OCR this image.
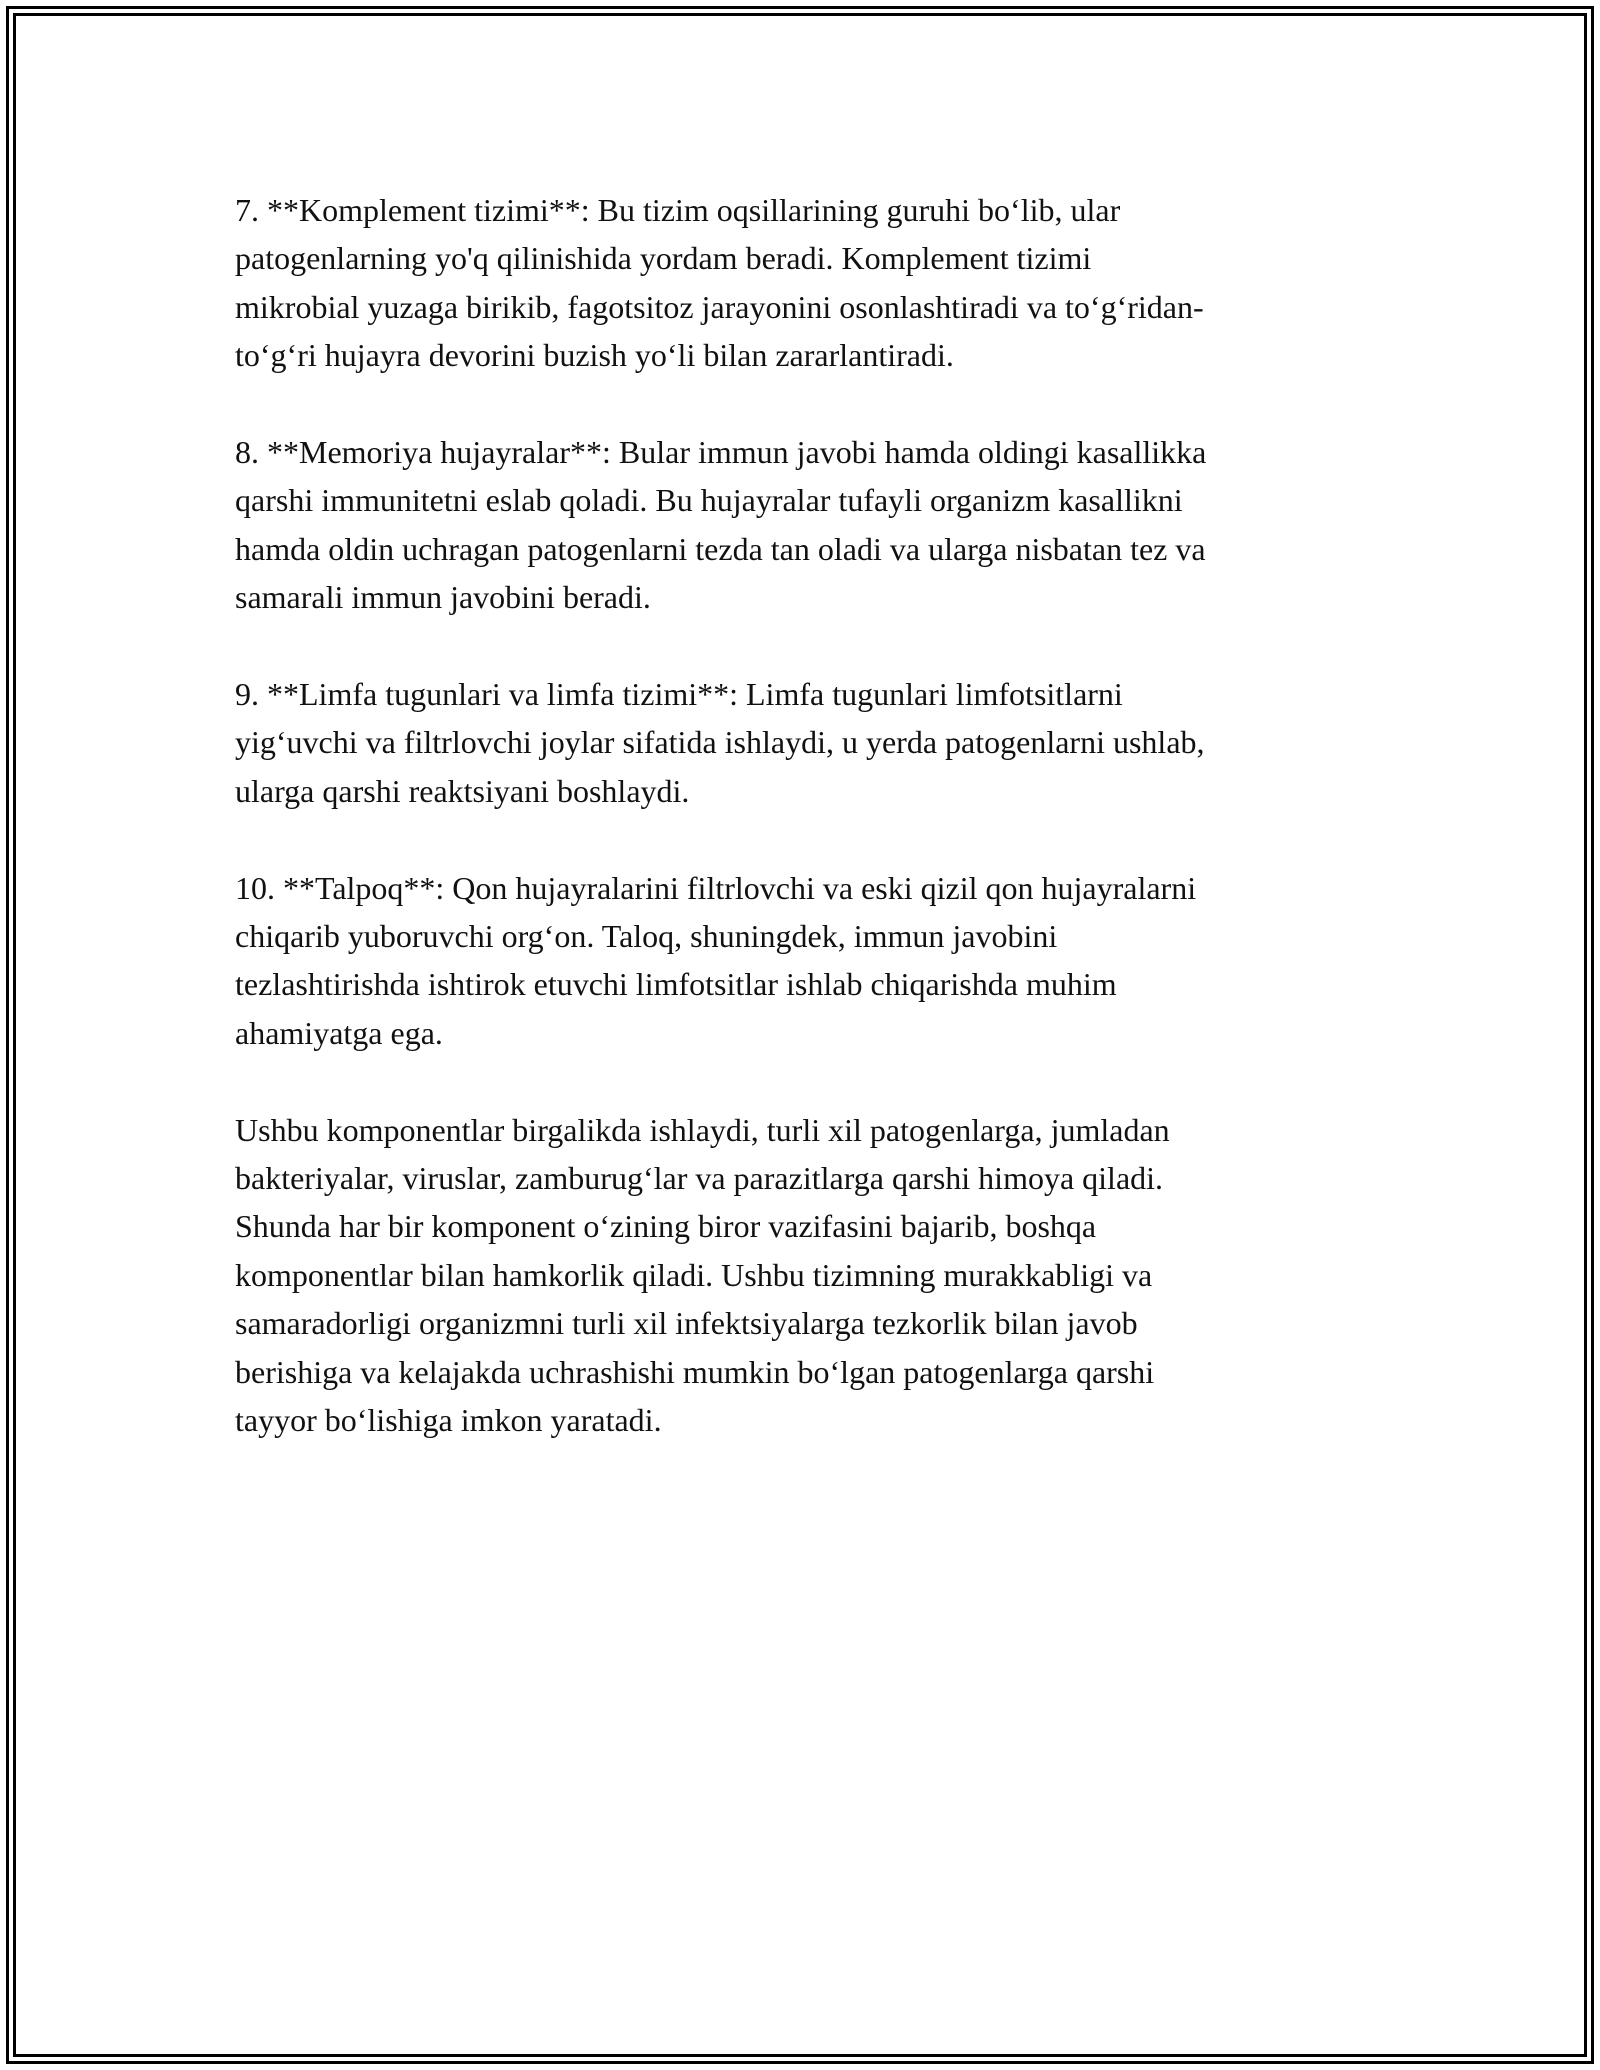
7. **Komplement tizimi**: Bu tizim oqsillarining guruhi bo‘lib, ular
patogenlarning yo'q qilinishida yordam beradi. Komplement tizimi
mikrobial yuzaga birikib, fagotsitoz jarayonini osonlashtiradi va to‘g‘ridan-
to‘g‘ri hujayra devorini buzish yo‘li bilan zararlantiradi.
8. **Memoriya hujayralar**: Bular immun javobi hamda oldingi kasallikka
qarshi immunitetni eslab qoladi. Bu hujayralar tufayli organizm kasallikni
hamda oldin uchragan patogenlarni tezda tan oladi va ularga nisbatan tez va
samarali immun javobini beradi.
9. **Limfa tugunlari va limfa tizimi**: Limfa tugunlari limfotsitlarni
yig‘uvchi va filtrlovchi joylar sifatida ishlaydi, u yerda patogenlarni ushlab,
ularga qarshi reaktsiyani boshlaydi.
10. **Talpoq**: Qon hujayralarini filtrlovchi va eski qizil qon hujayralarni
chiqarib yuboruvchi org‘on. Taloq, shuningdek, immun javobini
tezlashtirishda ishtirok etuvchi limfotsitlar ishlab chiqarishda muhim
ahamiyatga ega.
Ushbu komponentlar birgalikda ishlaydi, turli xil patogenlarga, jumladan
bakteriyalar, viruslar, zamburug‘lar va parazitlarga qarshi himoya qiladi.
Shunda har bir komponent o‘zining biror vazifasini bajarib, boshqa
komponentlar bilan hamkorlik qiladi. Ushbu tizimning murakkabligi va
samaradorligi organizmni turli xil infektsiyalarga tezkorlik bilan javob
berishiga va kelajakda uchrashishi mumkin bo‘lgan patogenlarga qarshi
tayyor bo‘lishiga imkon yaratadi.
